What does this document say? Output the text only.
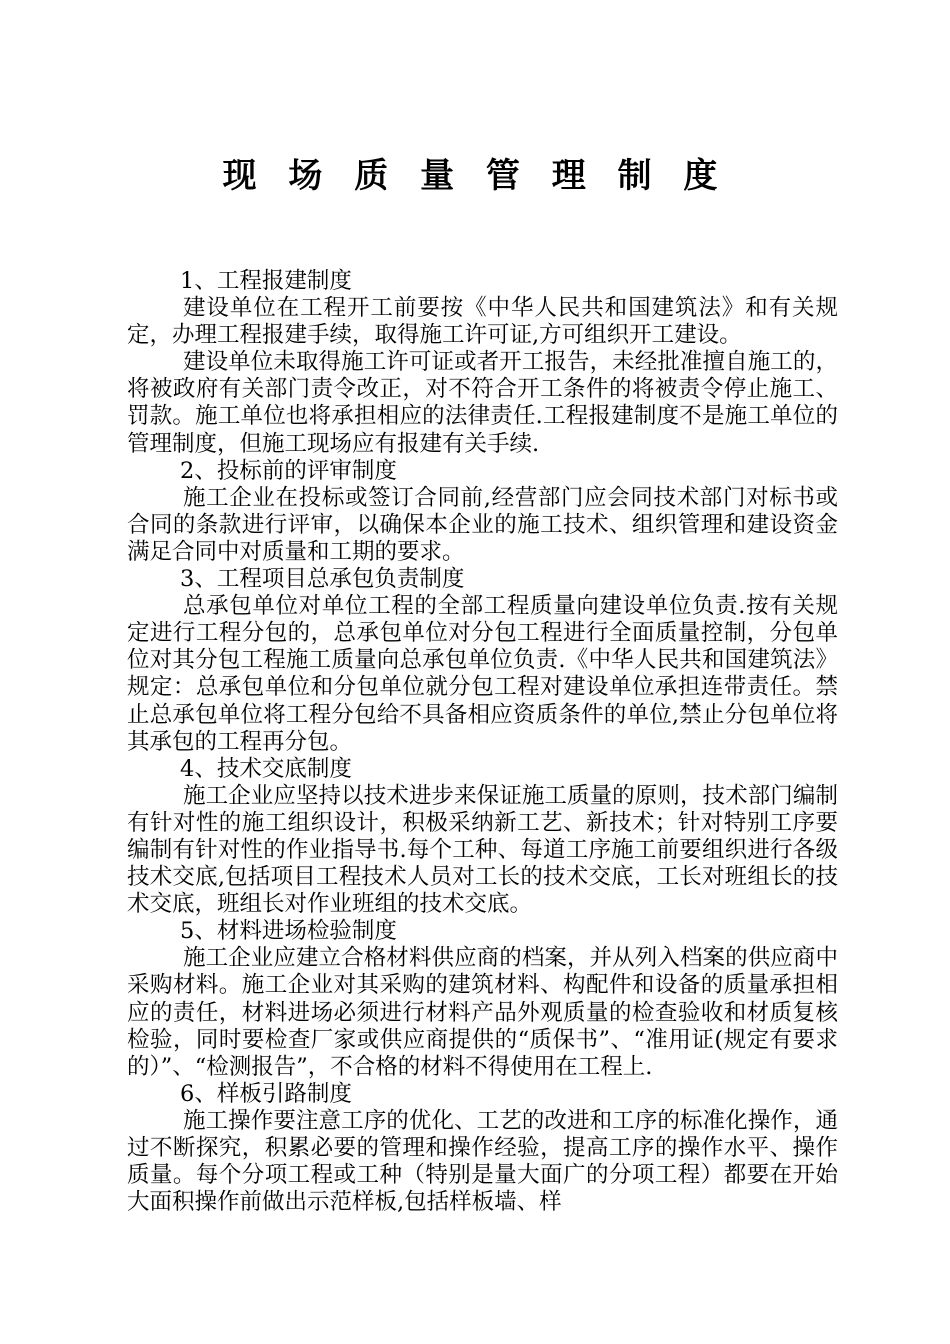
现 场 质 量 管 理 制 度

1、工程报建制度

建设单位在工程开工前要按《中华人民共和国建筑法》和有关规定，办理工程报建手续，取得施工许可证,方可组织开工建设。

建设单位未取得施工许可证或者开工报告，未经批准擅自施工的，将被政府有关部门责令改正，对不符合开工条件的将被责令停止施工、罚款。施工单位也将承担相应的法律责任.工程报建制度不是施工单位的管理制度，但施工现场应有报建有关手续.

2、投标前的评审制度

施工企业在投标或签订合同前,经营部门应会同技术部门对标书或合同的条款进行评审，以确保本企业的施工技术、组织管理和建设资金满足合同中对质量和工期的要求。

3、工程项目总承包负责制度

总承包单位对单位工程的全部工程质量向建设单位负责.按有关规定进行工程分包的，总承包单位对分包工程进行全面质量控制，分包单位对其分包工程施工质量向总承包单位负责.《中华人民共和国建筑法》规定：总承包单位和分包单位就分包工程对建设单位承担连带责任。禁止总承包单位将工程分包给不具备相应资质条件的单位,禁止分包单位将其承包的工程再分包。

4、技术交底制度

施工企业应坚持以技术进步来保证施工质量的原则，技术部门编制有针对性的施工组织设计，积极采纳新工艺、新技术；针对特别工序要编制有针对性的作业指导书.每个工种、每道工序施工前要组织进行各级技术交底,包括项目工程技术人员对工长的技术交底，工长对班组长的技术交底，班组长对作业班组的技术交底。

5、材料进场检验制度

施工企业应建立合格材料供应商的档案，并从列入档案的供应商中采购材料。施工企业对其采购的建筑材料、构配件和设备的质量承担相应的责任，材料进场必须进行材料产品外观质量的检查验收和材质复核检验，同时要检查厂家或供应商提供的“质保书”、“准用证(规定有要求的）”、“检测报告”，不合格的材料不得使用在工程上.

6、样板引路制度

施工操作要注意工序的优化、工艺的改进和工序的标准化操作，通过不断探究，积累必要的管理和操作经验，提高工序的操作水平、操作质量。每个分项工程或工种（特别是量大面广的分项工程）都要在开始大面积操作前做出示范样板,包括样板墙、样
